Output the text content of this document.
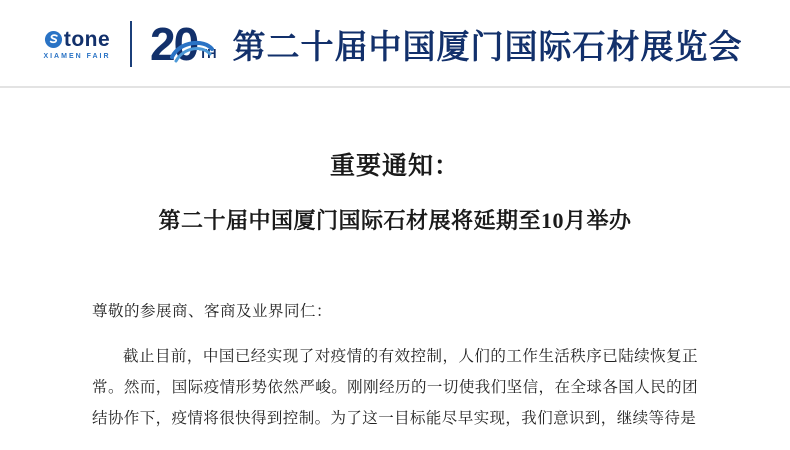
tone
XIAMEN FAIR 20 TH 第二十届中国厦门国际石材展览会
重要通知：
第二十届中国厦门国际石材展将延期至10月举办
尊敬的参展商、客商及业界同仁：
截止目前，中国已经实现了对疫情的有效控制，人们的工作生活秩序已陆续恢复正常。然而，国际疫情形势依然严峻。刚刚经历的一切使我们坚信，在全球各国人民的团结协作下，疫情将很快得到控制。为了这一目标能尽早实现，我们意识到，继续等待是
